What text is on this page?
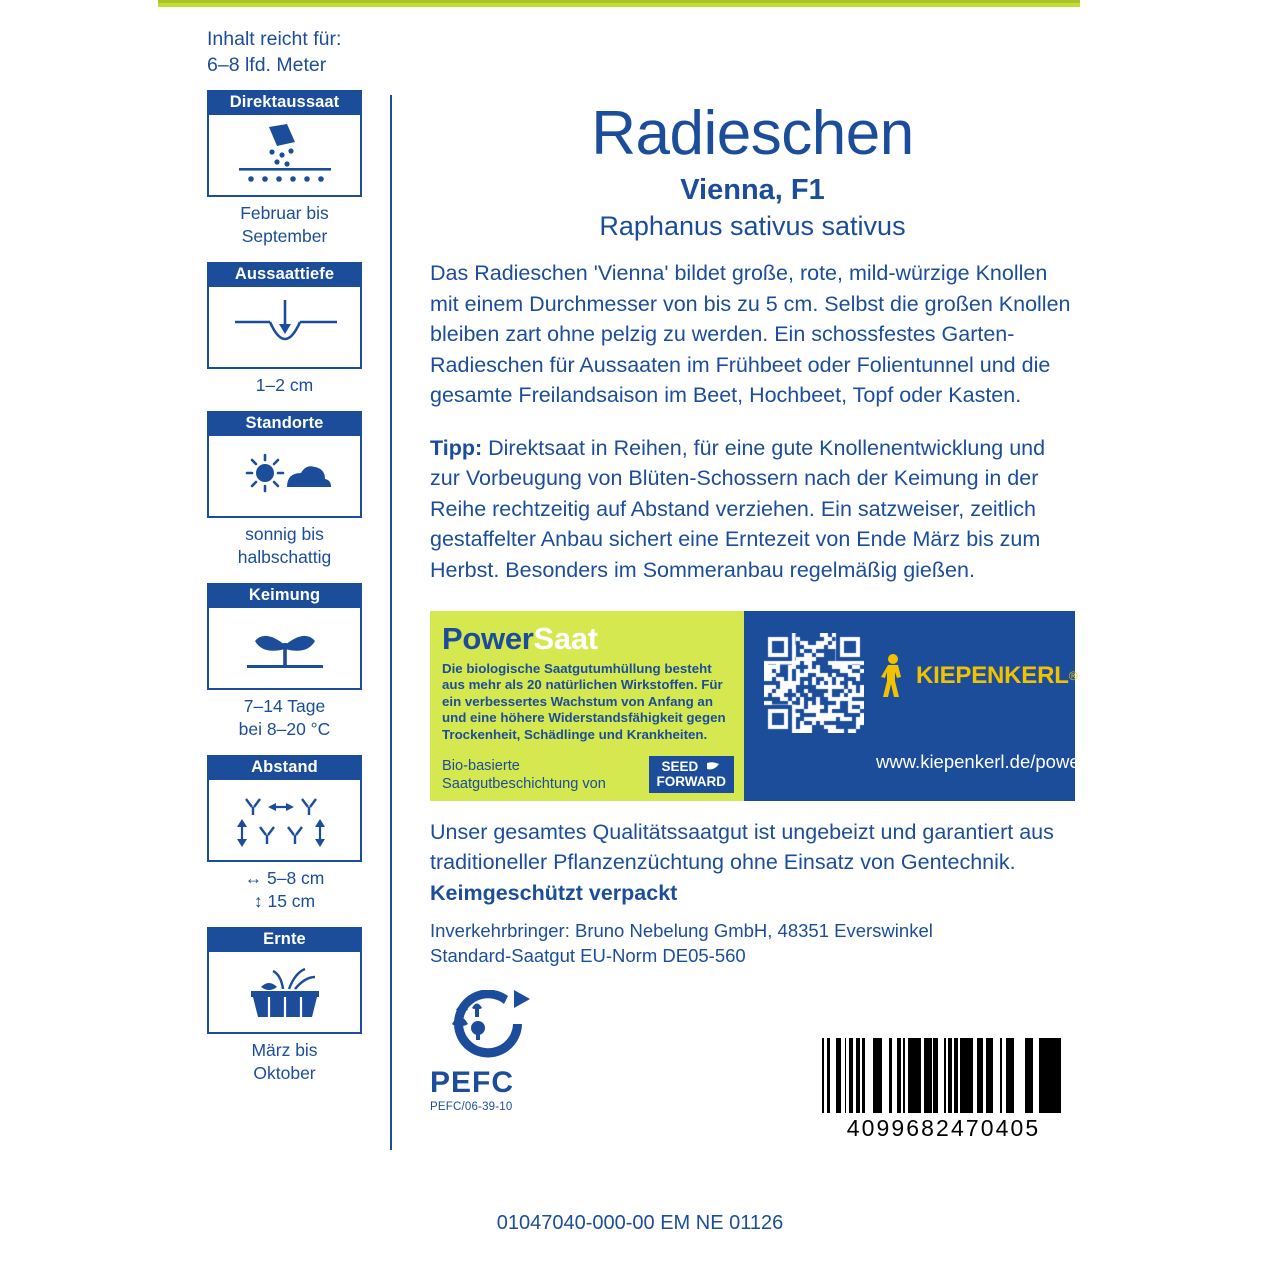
Inhalt reicht für:
6–8 lfd. Meter
Direktaussaat
Februar bis
September
Aussaattiefe
1–2 cm
Standorte
sonnig bis
halbschattig
Keimung
7–14 Tage
bei 8–20 °C
Abstand
↔ 5–8 cm
↕ 15 cm
Ernte
März bis
Oktober
Radieschen
Vienna, F1
Raphanus sativus sativus

Das Radieschen 'Vienna' bildet große, rote, mild-würzige Knollen mit einem Durchmesser von bis zu 5 cm. Selbst die großen Knollen bleiben zart ohne pelzig zu werden. Ein schossfestes Garten-Radieschen für Aussaaten im Frühbeet oder Folientunnel und die gesamte Freilandsaison im Beet, Hochbeet, Topf oder Kasten.

Tipp: Direktsaat in Reihen, für eine gute Knollenentwicklung und zur Vorbeugung von Blüten-Schossern nach der Keimung in der Reihe rechtzeitig auf Abstand verziehen. Ein satzweiser, zeitlich gestaffelter Anbau sichert eine Erntezeit von Ende März bis zum Herbst. Besonders im Sommeranbau regelmäßig gießen.

PowerSaat
Die biologische Saatgutumhüllung besteht aus mehr als 20 natürlichen Wirkstoffen. Für ein verbessertes Wachstum von Anfang an und eine höhere Widerstandsfähigkeit gegen Trockenheit, Schädlinge und Krankheiten.
Bio-basierte
Saatgutbeschichtung von
SEED
FORWARD
KIEPENKERL ®
www.kiepenkerl.de/powersaat

Unser gesamtes Qualitätssaatgut ist ungebeizt und garantiert aus traditioneller Pflanzenzüchtung ohne Einsatz von Gentechnik.

Keimgeschützt verpackt

Inverkehrbringer: Bruno Nebelung GmbH, 48351 Everswinkel
Standard-Saatgut EU-Norm DE05-560

PEFC
PEFC/06-39-10
4099682470405
01047040-000-00 EM NE 01126
